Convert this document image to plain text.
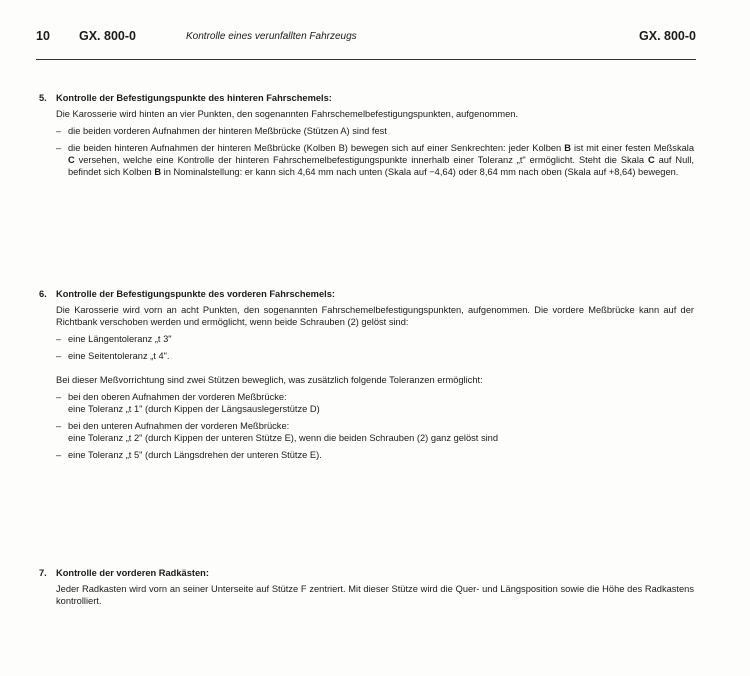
10 GX. 800-0	Kontrolle eines verunfallten Fahrzeugs	GX. 800-0
5. Kontrolle der Befestigungspunkte des hinteren Fahrschemels:

Die Karosserie wird hinten an vier Punkten, den sogenannten Fahrschemelbefestigungspunkten, aufgenommen.

– die beiden vorderen Aufnahmen der hinteren Meßbrücke (Stützen A) sind fest
– die beiden hinteren Aufnahmen der hinteren Meßbrücke (Kolben B) bewegen sich auf einer Senkrechten: jeder Kolben B ist mit einer festen Meßskala C versehen, welche eine Kontrolle der hinteren Fahrschemelbefestigungspunkte innerhalb einer Toleranz „t" ermöglicht. Steht die Skala C auf Null, befindet sich Kolben B in Nominalstellung: er kann sich 4,64 mm nach unten (Skala auf −4,64) oder 8,64 mm nach oben (Skala auf +8,64) bewegen.
6. Kontrolle der Befestigungspunkte des vorderen Fahrschemels:

Die Karosserie wird vorn an acht Punkten, den sogenannten Fahrschemelbefestigungspunkten, aufgenommen. Die vordere Meßbrücke kann auf der Richtbank verschoben werden und ermöglicht, wenn beide Schrauben (2) gelöst sind:

– eine Längentoleranz „t 3"
– eine Seitentoleranz „t 4".

Bei dieser Meßvorrichtung sind zwei Stützen beweglich, was zusätzlich folgende Toleranzen ermöglicht:

– bei den oberen Aufnahmen der vorderen Meßbrücke:
eine Toleranz „t 1" (durch Kippen der Längsauslegerstütze D)
– bei den unteren Aufnahmen der vorderen Meßbrücke:
eine Toleranz „t 2" (durch Kippen der unteren Stütze E), wenn die beiden Schrauben (2) ganz gelöst sind
– eine Toleranz „t 5" (durch Längsdrehen der unteren Stütze E).
7. Kontrolle der vorderen Radkästen:

Jeder Radkasten wird vorn an seiner Unterseite auf Stütze F zentriert. Mit dieser Stütze wird die Quer- und Längsposition sowie die Höhe des Radkastens kontrolliert.
